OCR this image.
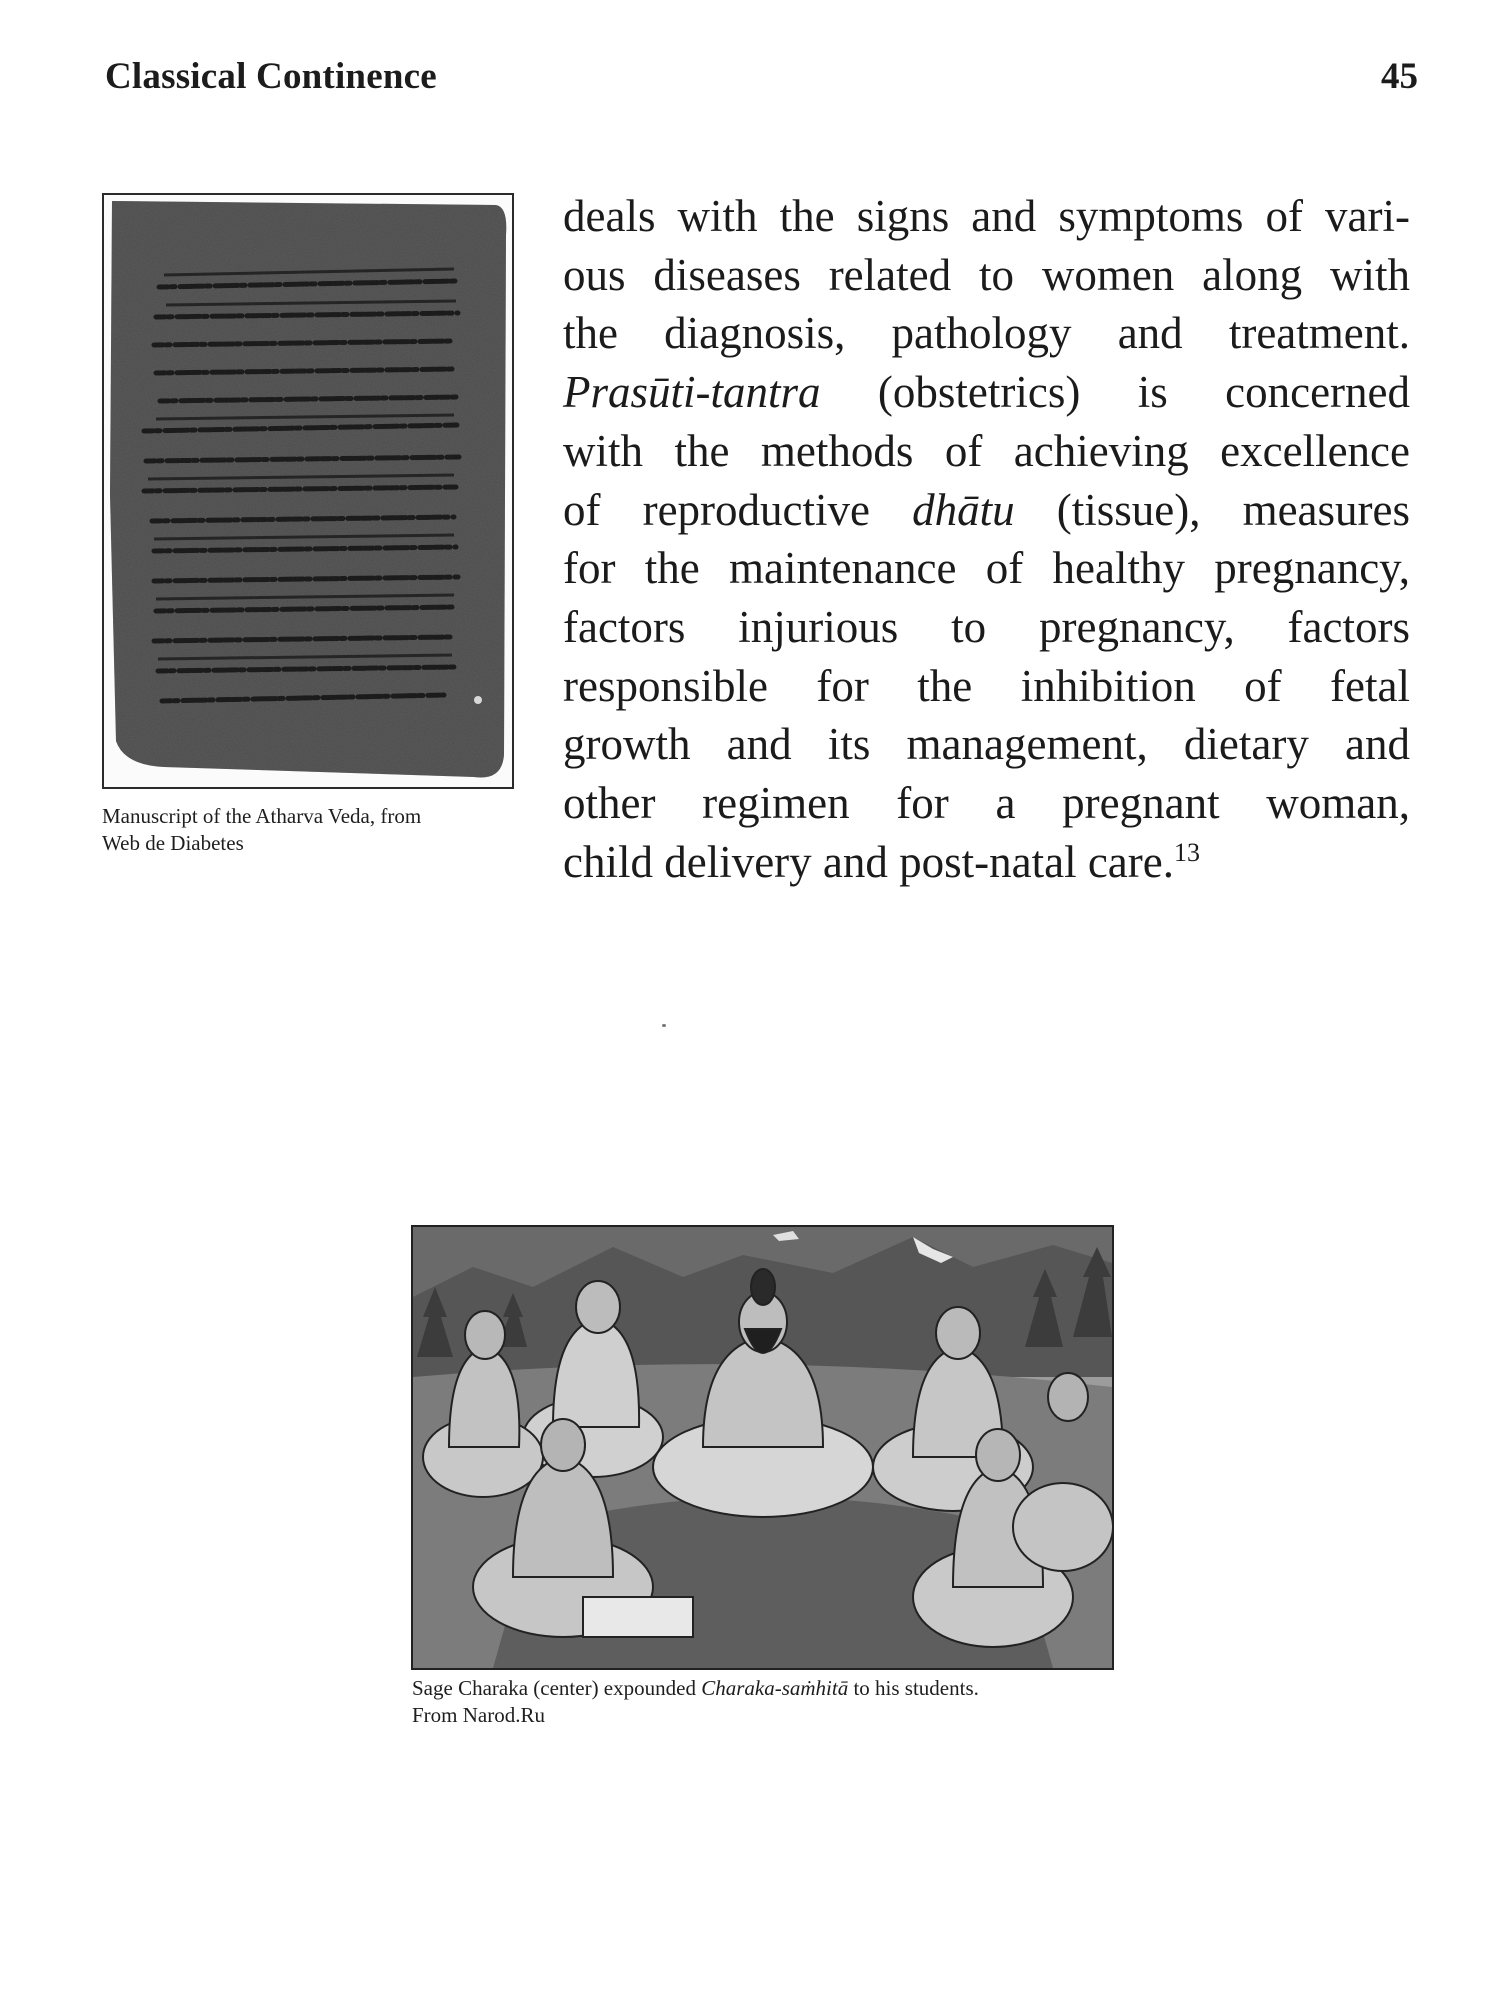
Classical Continence	45
Manuscript of the Atharva Veda, from
Web de Diabetes
deals with the signs and symptoms of vari-
ous diseases related to women along with
the diagnosis, pathology and treatment.
Prasūti-tantra (obstetrics) is concerned
with the methods of achieving excellence
of reproductive dhātu (tissue), measures
for the maintenance of healthy pregnancy,
factors injurious to pregnancy, factors
responsible for the inhibition of fetal
growth and its management, dietary and
other regimen for a pregnant woman,
child delivery and post-natal care.$^{13}$
Sage Charaka (center) expounded Charaka-saṁhitā to his students.
From Narod.Ru
